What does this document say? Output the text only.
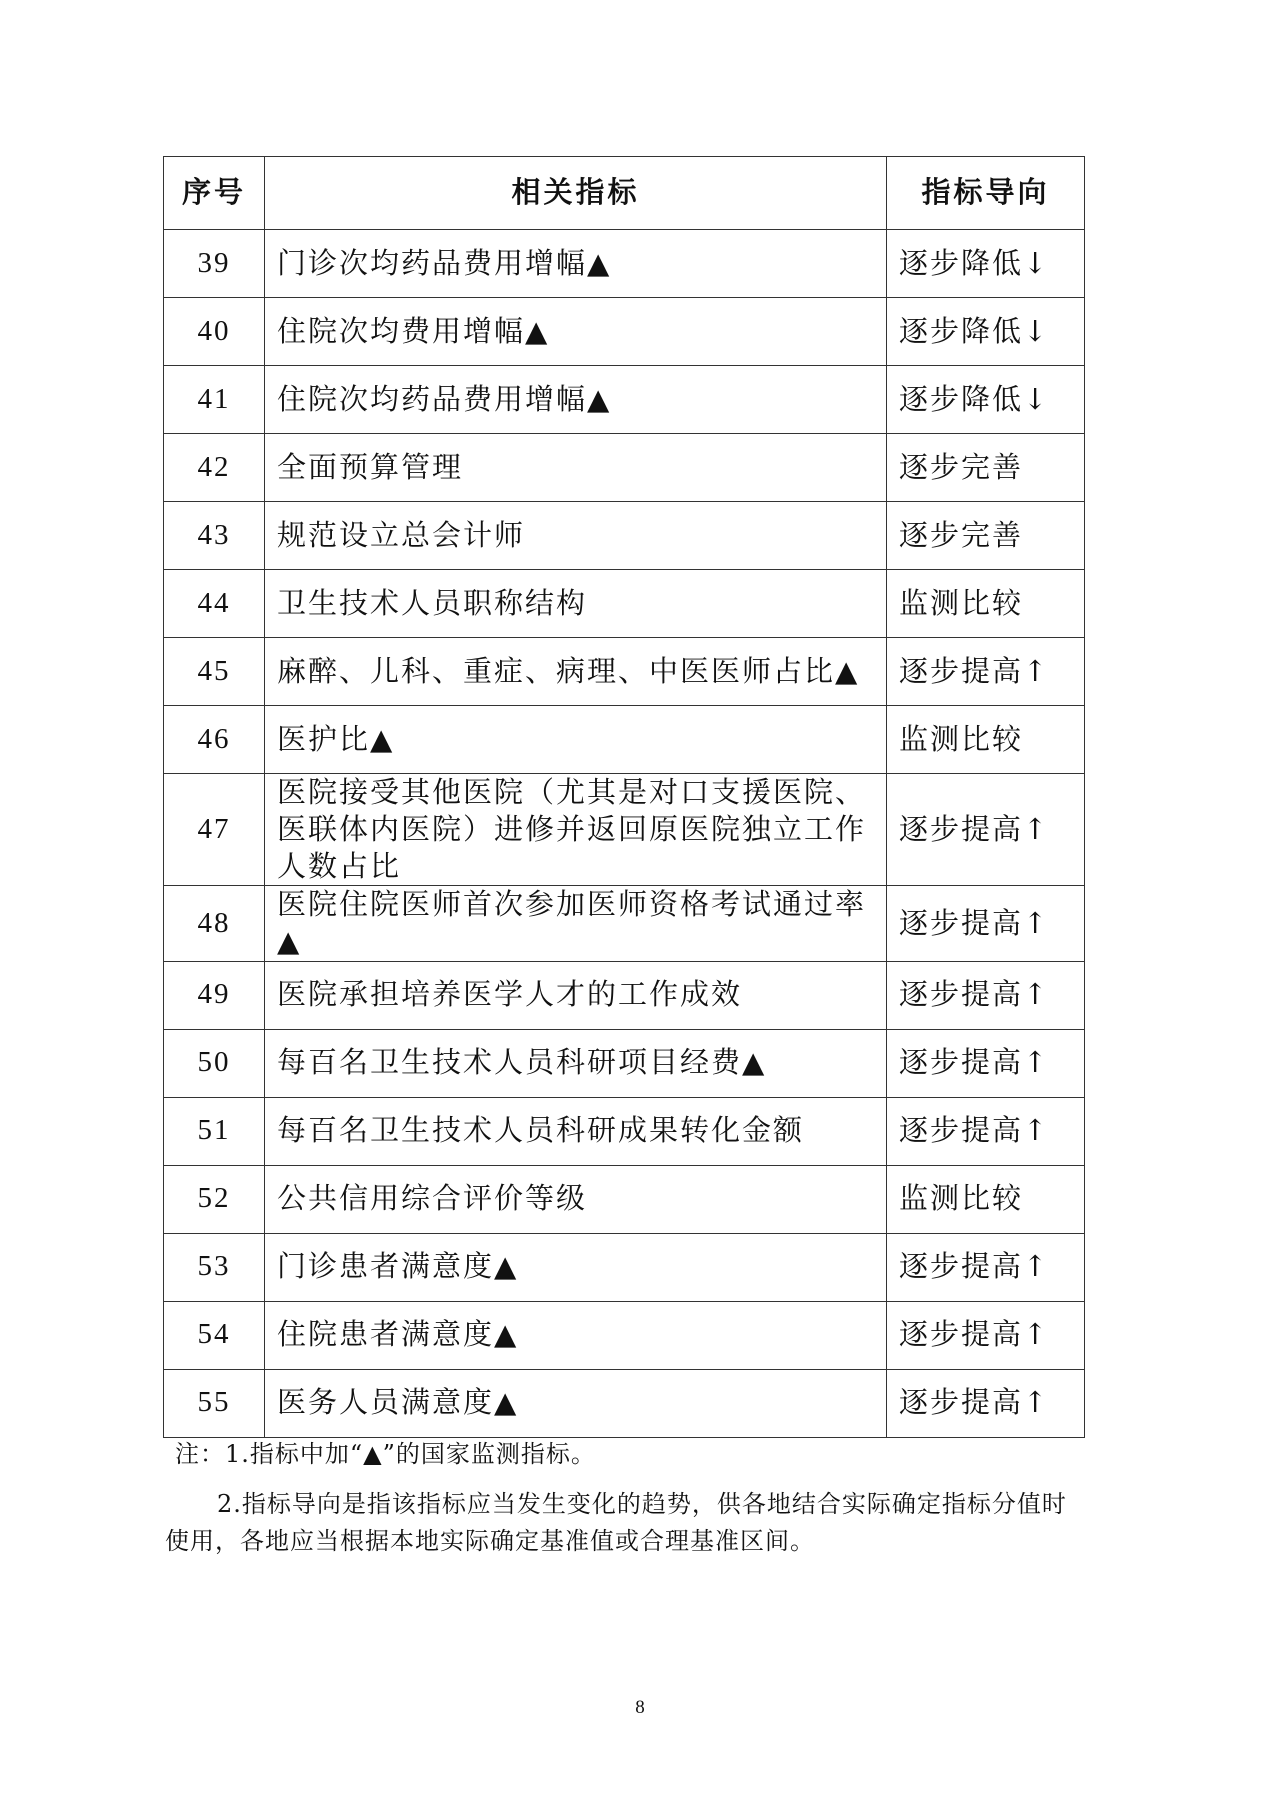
序号	相关指标	指标导向
39	门诊次均药品费用增幅▲	逐步降低↓
40	住院次均费用增幅▲	逐步降低↓
41	住院次均药品费用增幅▲	逐步降低↓
42	全面预算管理	逐步完善
43	规范设立总会计师	逐步完善
44	卫生技术人员职称结构	监测比较
45	麻醉、儿科、重症、病理、中医医师占比▲	逐步提高↑
46	医护比▲	监测比较
47	医院接受其他医院（尤其是对口支援医院、医联体内医院）进修并返回原医院独立工作人数占比	逐步提高↑
48	医院住院医师首次参加医师资格考试通过率▲	逐步提高↑
49	医院承担培养医学人才的工作成效	逐步提高↑
50	每百名卫生技术人员科研项目经费▲	逐步提高↑
51	每百名卫生技术人员科研成果转化金额	逐步提高↑
52	公共信用综合评价等级	监测比较
53	门诊患者满意度▲	逐步提高↑
54	住院患者满意度▲	逐步提高↑
55	医务人员满意度▲	逐步提高↑

注：1.指标中加“▲”的国家监测指标。

2.指标导向是指该指标应当发生变化的趋势，供各地结合实际确定指标分值时使用，各地应当根据本地实际确定基准值或合理基准区间。

8
